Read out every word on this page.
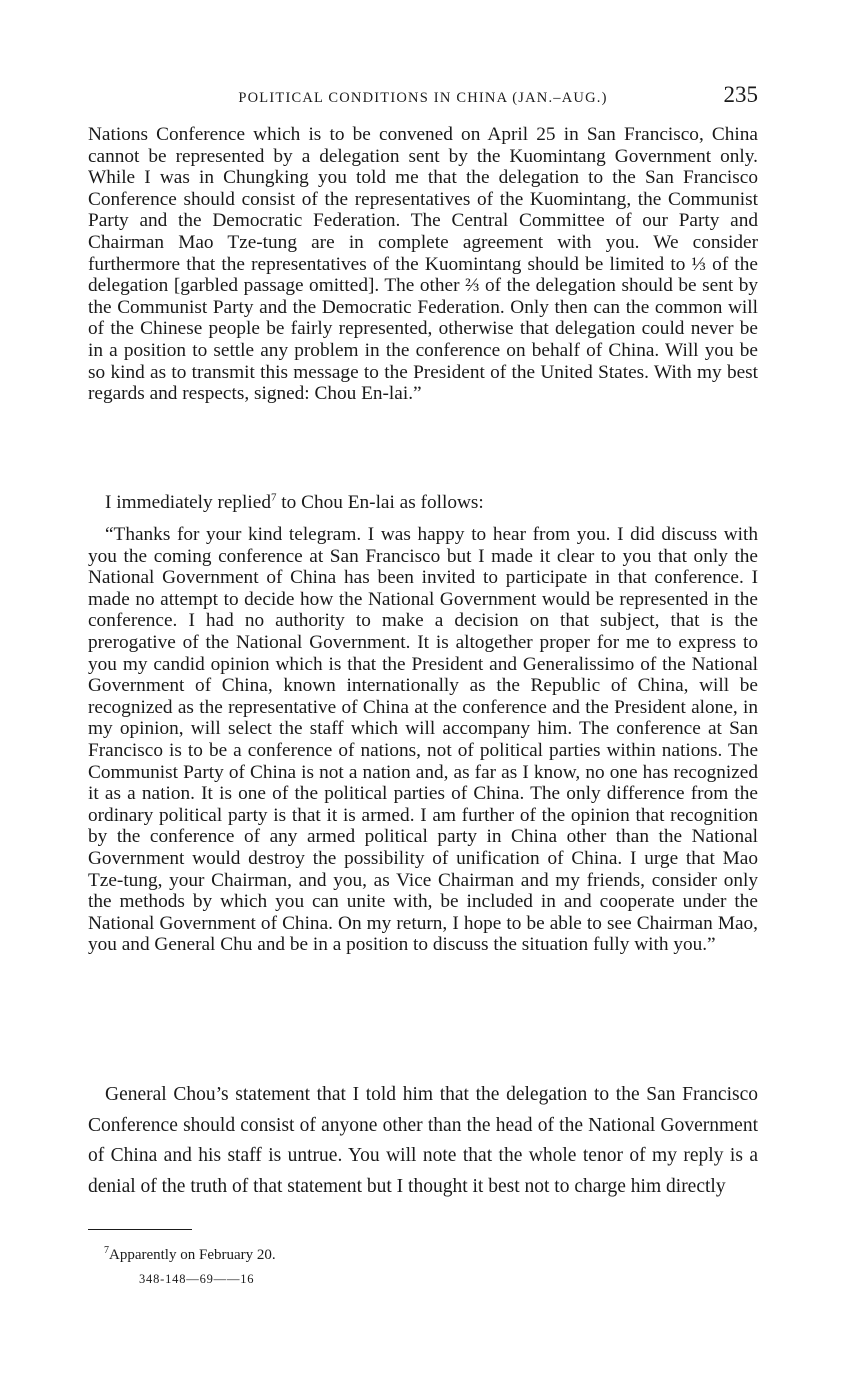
POLITICAL CONDITIONS IN CHINA (JAN.–AUG.)	235

Nations Conference which is to be convened on April 25 in San Francisco, China cannot be represented by a delegation sent by the Kuomintang Government only. While I was in Chungking you told me that the delegation to the San Francisco Conference should consist of the representatives of the Kuomintang, the Communist Party and the Democratic Federation. The Central Committee of our Party and Chairman Mao Tze-tung are in complete agreement with you. We consider furthermore that the representatives of the Kuomintang should be limited to ⅓ of the delegation [garbled passage omitted]. The other ⅔ of the delegation should be sent by the Communist Party and the Democratic Federation. Only then can the common will of the Chinese people be fairly represented, otherwise that delegation could never be in a position to settle any problem in the conference on behalf of China. Will you be so kind as to transmit this message to the President of the United States. With my best regards and respects, signed: Chou En-lai.”

I immediately replied$^7$ to Chou En-lai as follows:

“Thanks for your kind telegram. I was happy to hear from you. I did discuss with you the coming conference at San Francisco but I made it clear to you that only the National Government of China has been invited to participate in that conference. I made no attempt to decide how the National Government would be represented in the conference. I had no authority to make a decision on that subject, that is the prerogative of the National Government. It is altogether proper for me to express to you my candid opinion which is that the President and Generalissimo of the National Government of China, known internationally as the Republic of China, will be recognized as the representative of China at the conference and the President alone, in my opinion, will select the staff which will accompany him. The conference at San Francisco is to be a conference of nations, not of political parties within nations. The Communist Party of China is not a nation and, as far as I know, no one has recognized it as a nation. It is one of the political parties of China. The only difference from the ordinary political party is that it is armed. I am further of the opinion that recognition by the conference of any armed political party in China other than the National Government would destroy the possibility of unification of China. I urge that Mao Tze-tung, your Chairman, and you, as Vice Chairman and my friends, consider only the methods by which you can unite with, be included in and cooperate under the National Government of China. On my return, I hope to be able to see Chairman Mao, you and General Chu and be in a position to discuss the situation fully with you.”

General Chou’s statement that I told him that the delegation to the San Francisco Conference should consist of anyone other than the head of the National Government of China and his staff is untrue. You will note that the whole tenor of my reply is a denial of the truth of that statement but I thought it best not to charge him directly

$^7$Apparently on February 20.
348-148—69——16
